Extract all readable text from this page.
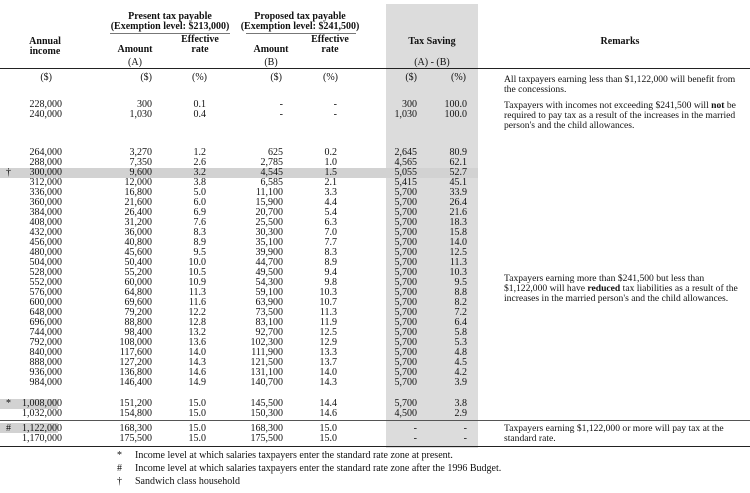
Annual
income
Present tax payable
(Exemption level: $213,000)
Amount
Effective
rate
(A)
Proposed tax payable
(Exemption level: $241,500)
Amount
Effective
rate
(B)
Tax Saving
(A) - (B)
Remarks
($)	($)	(%)	($)	(%)	($)	(%)
228,000	300	0.1	-	-	300	100.0
240,000	1,030	0.4	-	-	1,030	100.0
264,000	3,270	1.2	625	0.2	2,645	80.9
288,000	7,350	2.6	2,785	1.0	4,565	62.1
†	300,000	9,600	3.2	4,545	1.5	5,055	52.7
312,000	12,000	3.8	6,585	2.1	5,415	45.1
336,000	16,800	5.0	11,100	3.3	5,700	33.9
360,000	21,600	6.0	15,900	4.4	5,700	26.4
384,000	26,400	6.9	20,700	5.4	5,700	21.6
408,000	31,200	7.6	25,500	6.3	5,700	18.3
432,000	36,000	8.3	30,300	7.0	5,700	15.8
456,000	40,800	8.9	35,100	7.7	5,700	14.0
480,000	45,600	9.5	39,900	8.3	5,700	12.5
504,000	50,400	10.0	44,700	8.9	5,700	11.3
528,000	55,200	10.5	49,500	9.4	5,700	10.3
552,000	60,000	10.9	54,300	9.8	5,700	9.5
576,000	64,800	11.3	59,100	10.3	5,700	8.8
600,000	69,600	11.6	63,900	10.7	5,700	8.2
648,000	79,200	12.2	73,500	11.3	5,700	7.2
696,000	88,800	12.8	83,100	11.9	5,700	6.4
744,000	98,400	13.2	92,700	12.5	5,700	5.8
792,000	108,000	13.6	102,300	12.9	5,700	5.3
840,000	117,600	14.0	111,900	13.3	5,700	4.8
888,000	127,200	14.3	121,500	13.7	5,700	4.5
936,000	136,800	14.6	131,100	14.0	5,700	4.2
984,000	146,400	14.9	140,700	14.3	5,700	3.9
*	1,008,000	151,200	15.0	145,500	14.4	5,700	3.8
1,032,000	154,800	15.0	150,300	14.6	4,500	2.9
#	1,122,000	168,300	15.0	168,300	15.0	-	-
1,170,000	175,500	15.0	175,500	15.0	-	-
All taxpayers earning less than $1,122,000 will benefit from the concessions.
Taxpayers with incomes not exceeding $241,500 will not be required to pay tax as a result of the increases in the married person's and the child allowances.
Taxpayers earning more than $241,500 but less than $1,122,000 will have reduced tax liabilities as a result of the increases in the married person's and the child allowances.
Taxpayers earning $1,122,000 or more will pay tax at the standard rate.
* Income level at which salaries taxpayers enter the standard rate zone at present.
# Income level at which salaries taxpayers enter the standard rate zone after the 1996 Budget.
† Sandwich class household
